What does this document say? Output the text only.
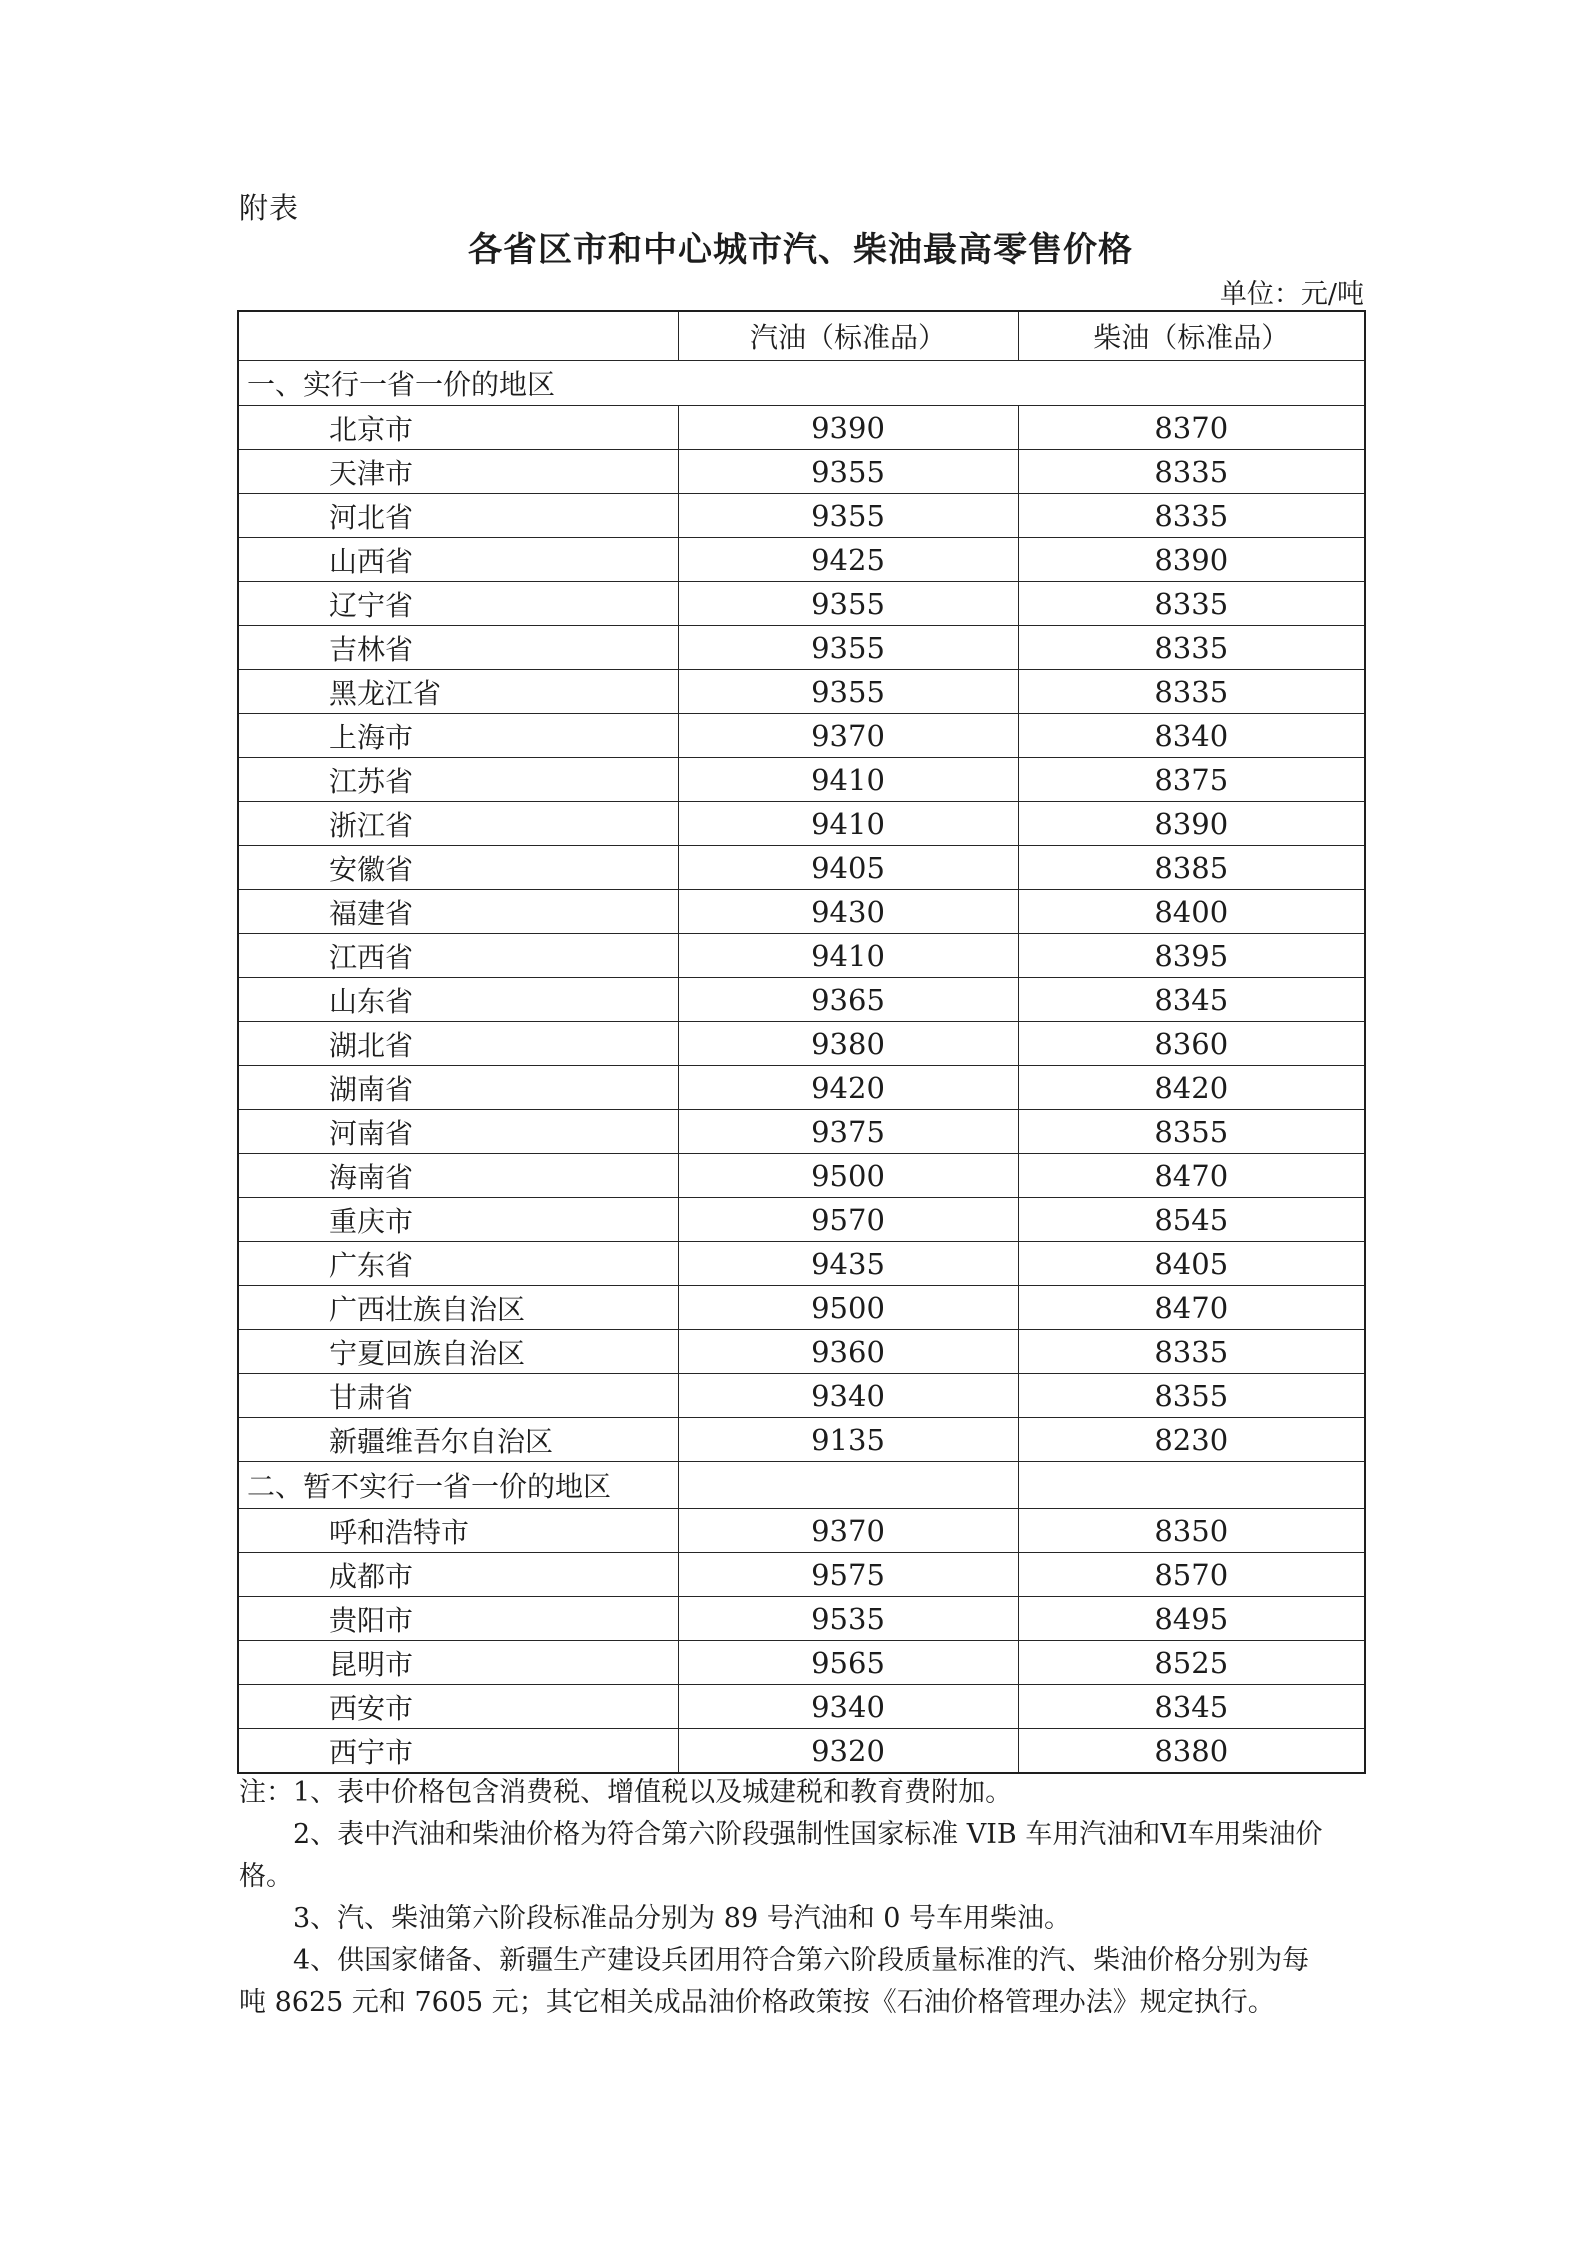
附表
各省区市和中心城市汽、柴油最高零售价格
单位：元/吨
	汽油（标准品）	柴油（标准品）
一、实行一省一价的地区		
北京市	9390	8370
天津市	9355	8335
河北省	9355	8335
山西省	9425	8390
辽宁省	9355	8335
吉林省	9355	8335
黑龙江省	9355	8335
上海市	9370	8340
江苏省	9410	8375
浙江省	9410	8390
安徽省	9405	8385
福建省	9430	8400
江西省	9410	8395
山东省	9365	8345
湖北省	9380	8360
湖南省	9420	8420
河南省	9375	8355
海南省	9500	8470
重庆市	9570	8545
广东省	9435	8405
广西壮族自治区	9500	8470
宁夏回族自治区	9360	8335
甘肃省	9340	8355
新疆维吾尔自治区	9135	8230
二、暂不实行一省一价的地区		
呼和浩特市	9370	8350
成都市	9575	8570
贵阳市	9535	8495
昆明市	9565	8525
西安市	9340	8345
西宁市	9320	8380
注：1、表中价格包含消费税、增值税以及城建税和教育费附加。
2、表中汽油和柴油价格为符合第六阶段强制性国家标准 VIB 车用汽油和Ⅵ车用柴油价
格。
3、汽、柴油第六阶段标准品分别为 89 号汽油和 0 号车用柴油。
4、供国家储备、新疆生产建设兵团用符合第六阶段质量标准的汽、柴油价格分别为每
吨 8625 元和 7605 元；其它相关成品油价格政策按《石油价格管理办法》规定执行。
